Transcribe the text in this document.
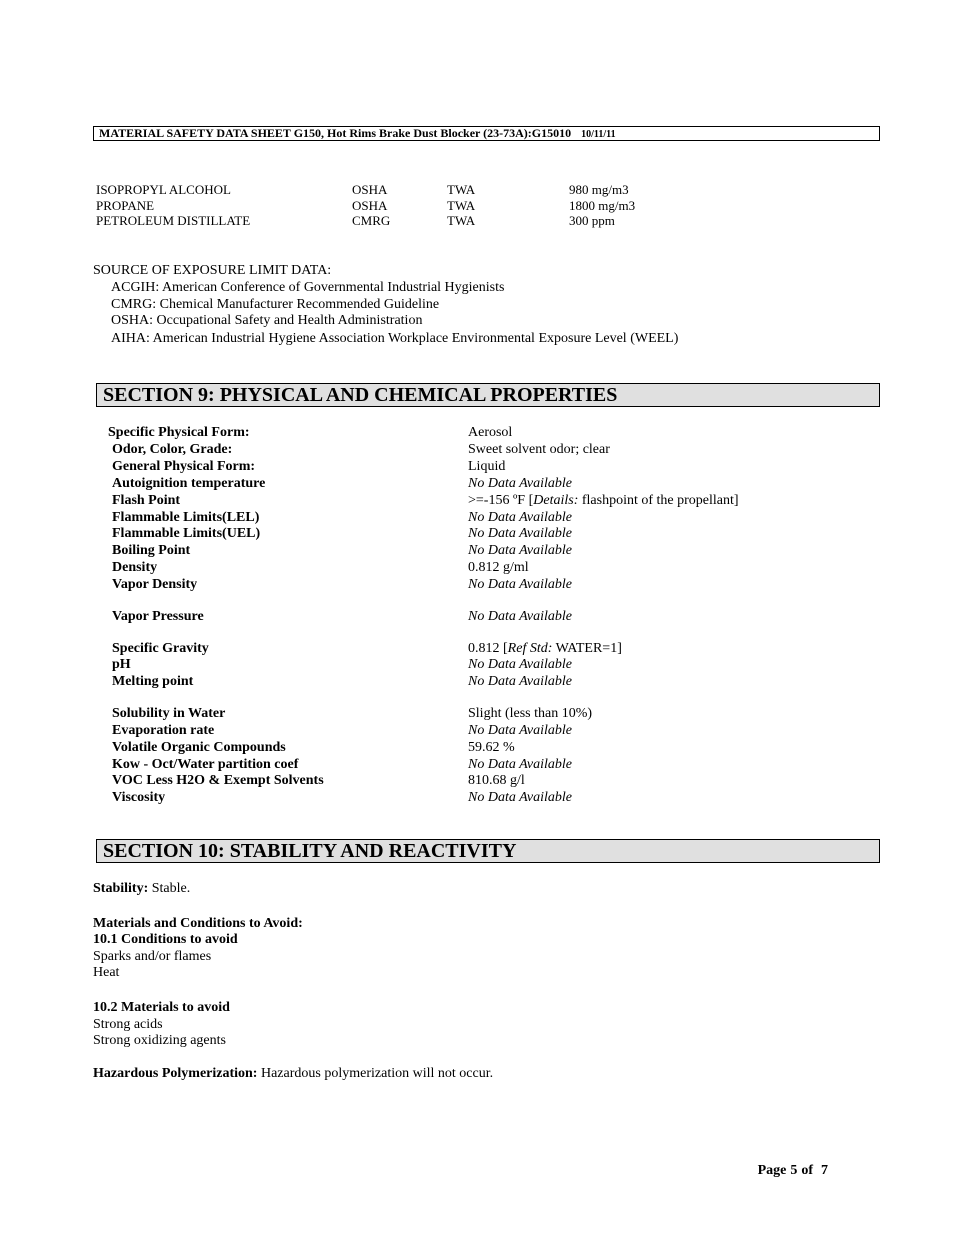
MATERIAL SAFETY DATA SHEET G150, Hot Rims Brake Dust Blocker (23-73A):G15010 10/11/11
ISOPROPYL ALCOHOL	OSHA	TWA	980 mg/m3
PROPANE	OSHA	TWA	1800 mg/m3
PETROLEUM DISTILLATE	CMRG	TWA	300 ppm
SOURCE OF EXPOSURE LIMIT DATA:
ACGIH: American Conference of Governmental Industrial Hygienists
CMRG: Chemical Manufacturer Recommended Guideline
OSHA: Occupational Safety and Health Administration
AIHA: American Industrial Hygiene Association Workplace Environmental Exposure Level (WEEL)
SECTION 9: PHYSICAL AND CHEMICAL PROPERTIES
Specific Physical Form:	Aerosol
Odor, Color, Grade:	Sweet solvent odor; clear
General Physical Form:	Liquid
Autoignition temperature	No Data Available
Flash Point	>=-156 ºF [Details: flashpoint of the propellant]
Flammable Limits(LEL)	No Data Available
Flammable Limits(UEL)	No Data Available
Boiling Point	No Data Available
Density	0.812 g/ml
Vapor Density	No Data Available
Vapor Pressure	No Data Available
Specific Gravity	0.812 [Ref Std: WATER=1]
pH	No Data Available
Melting point	No Data Available
Solubility in Water	Slight (less than 10%)
Evaporation rate	No Data Available
Volatile Organic Compounds	59.62 %
Kow - Oct/Water partition coef	No Data Available
VOC Less H2O & Exempt Solvents	810.68 g/l
Viscosity	No Data Available
SECTION 10: STABILITY AND REACTIVITY
Stability: Stable.
Materials and Conditions to Avoid:
10.1 Conditions to avoid
Sparks and/or flames
Heat
10.2 Materials to avoid
Strong acids
Strong oxidizing agents
Hazardous Polymerization: Hazardous polymerization will not occur.
Page 5 of 7
